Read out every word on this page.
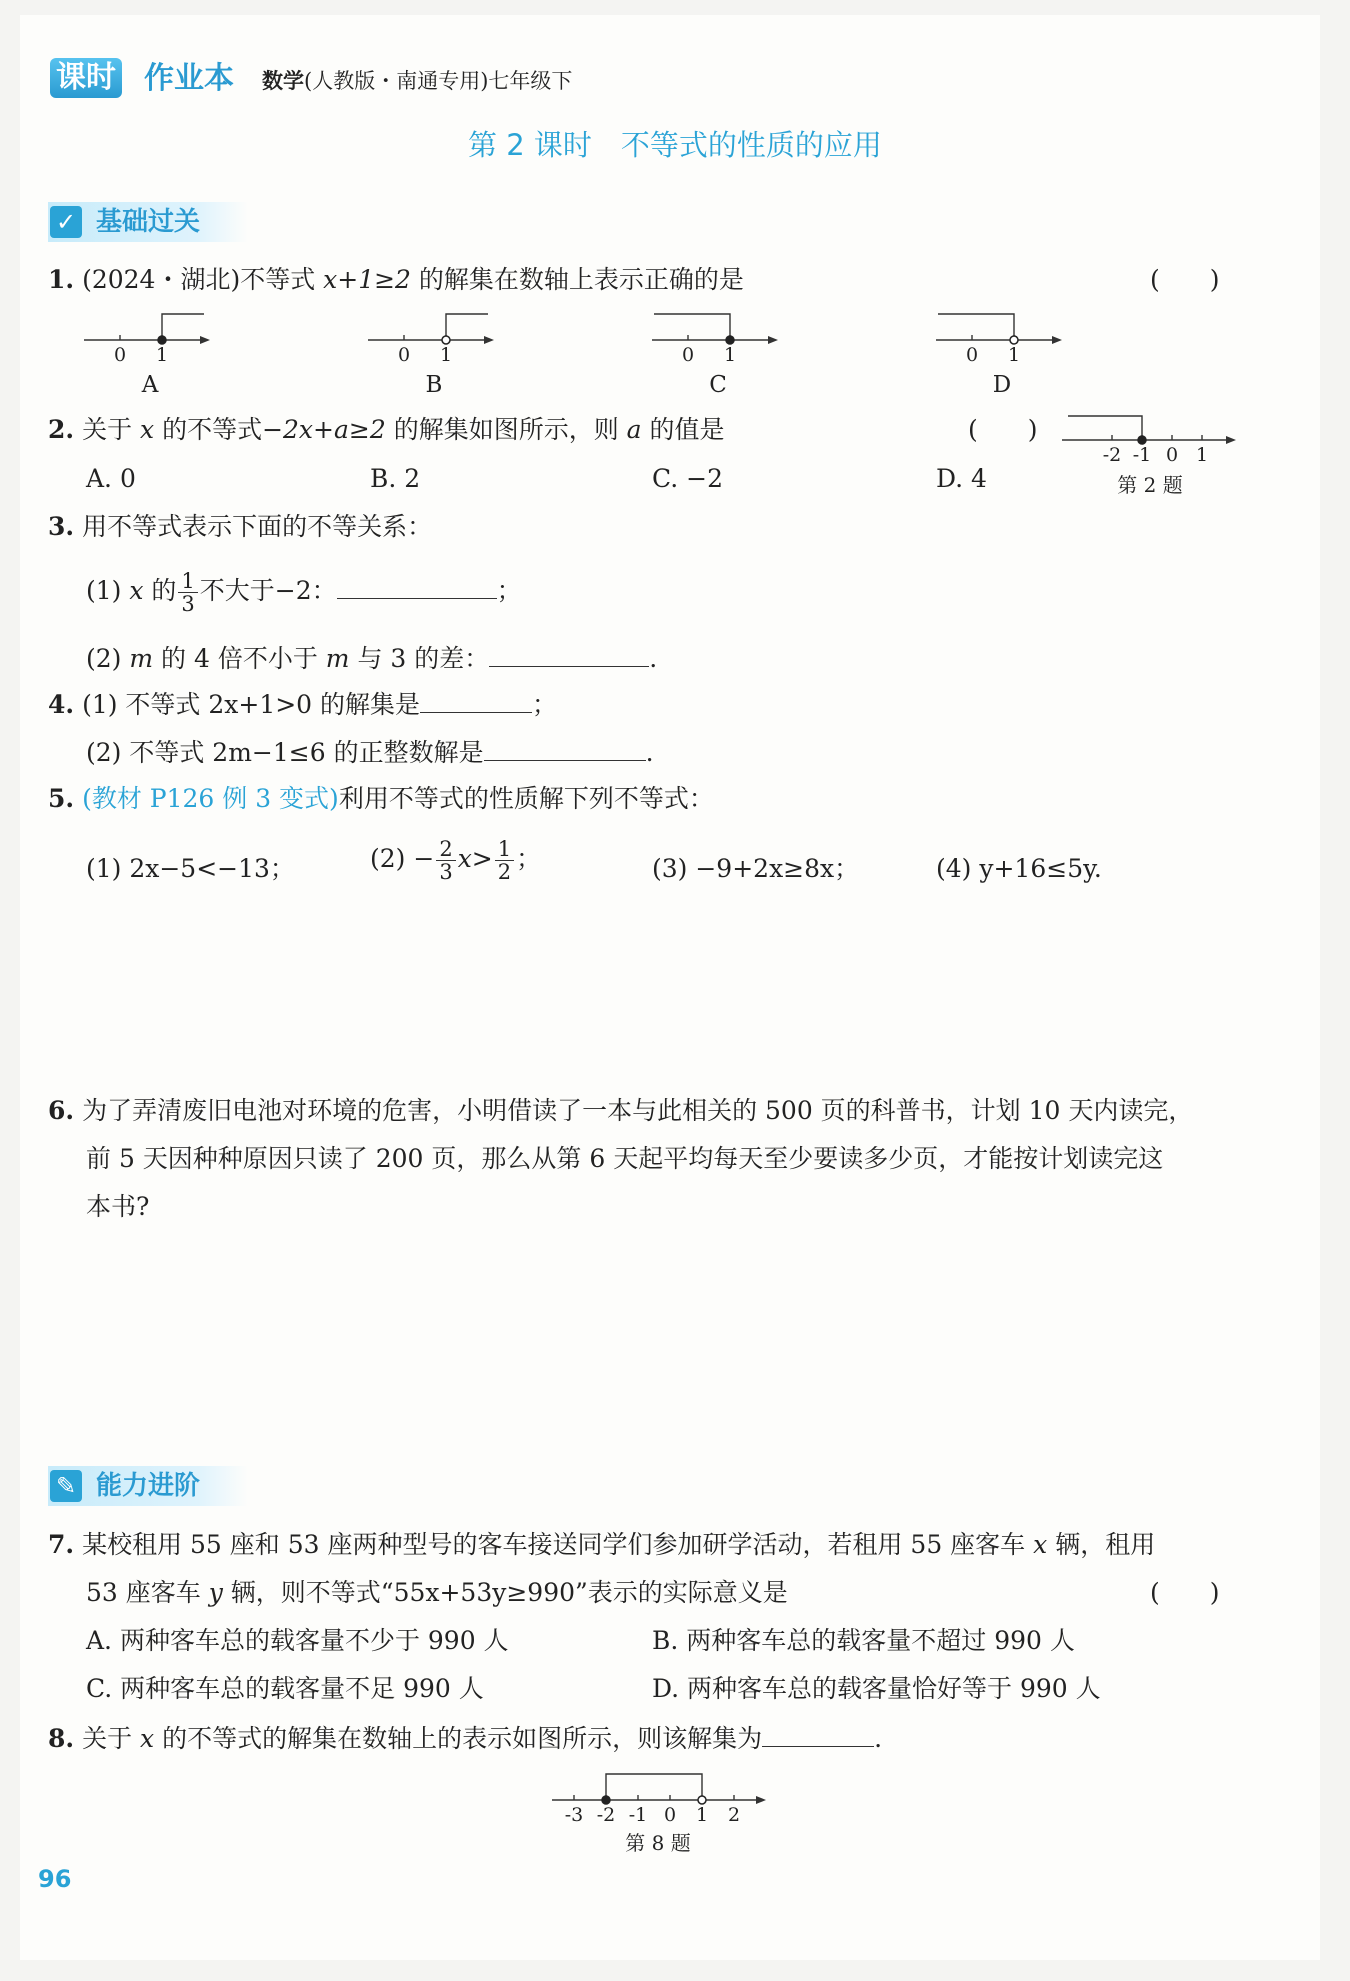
课时 作业本 数学(人教版・南通专用)七年级下
第 2 课时　不等式的性质的应用
✓ 基础过关
1. (2024・湖北)不等式 x+1≥2 的解集在数轴上表示正确的是	(　　)
0 1
A
0 1
B
0 1
C
0 1
D
2. 关于 x 的不等式−2x+a≥2 的解集如图所示，则 a 的值是	(　　)
A. 0	B. 2	C. −2	D. 4
-2 -1 0 1
第 2 题
3. 用不等式表示下面的不等关系：
(1) x 的 $\frac{1}{3}$ 不大于−2：	；
(2) m 的 4 倍不小于 m 与 3 的差：	.
4. (1) 不等式 2x+1>0 的解集是	；
(2) 不等式 2m−1≤6 的正整数解是	.
5. (教材 P126 例 3 变式)利用不等式的性质解下列不等式：
(1) 2x−5<−13；	$(2) - \frac{2}{3} x> \frac{1}{2}$ ；	(3) −9+2x≥8x；	(4) y+16≤5y.
6. 为了弄清废旧电池对环境的危害，小明借读了一本与此相关的 500 页的科普书，计划 10 天内读完，
前 5 天因种种原因只读了 200 页，那么从第 6 天起平均每天至少要读多少页，才能按计划读完这
本书?
✎ 能力进阶
7. 某校租用 55 座和 53 座两种型号的客车接送同学们参加研学活动，若租用 55 座客车 x 辆，租用
53 座客车 y 辆，则不等式“55x+53y≥990”表示的实际意义是	(　　)
A. 两种客车总的载客量不少于 990 人	B. 两种客车总的载客量不超过 990 人
C. 两种客车总的载客量不足 990 人	D. 两种客车总的载客量恰好等于 990 人
8. 关于 x 的不等式的解集在数轴上的表示如图所示，则该解集为	.
-3 -2 -1 0 1 2
第 8 题
96
